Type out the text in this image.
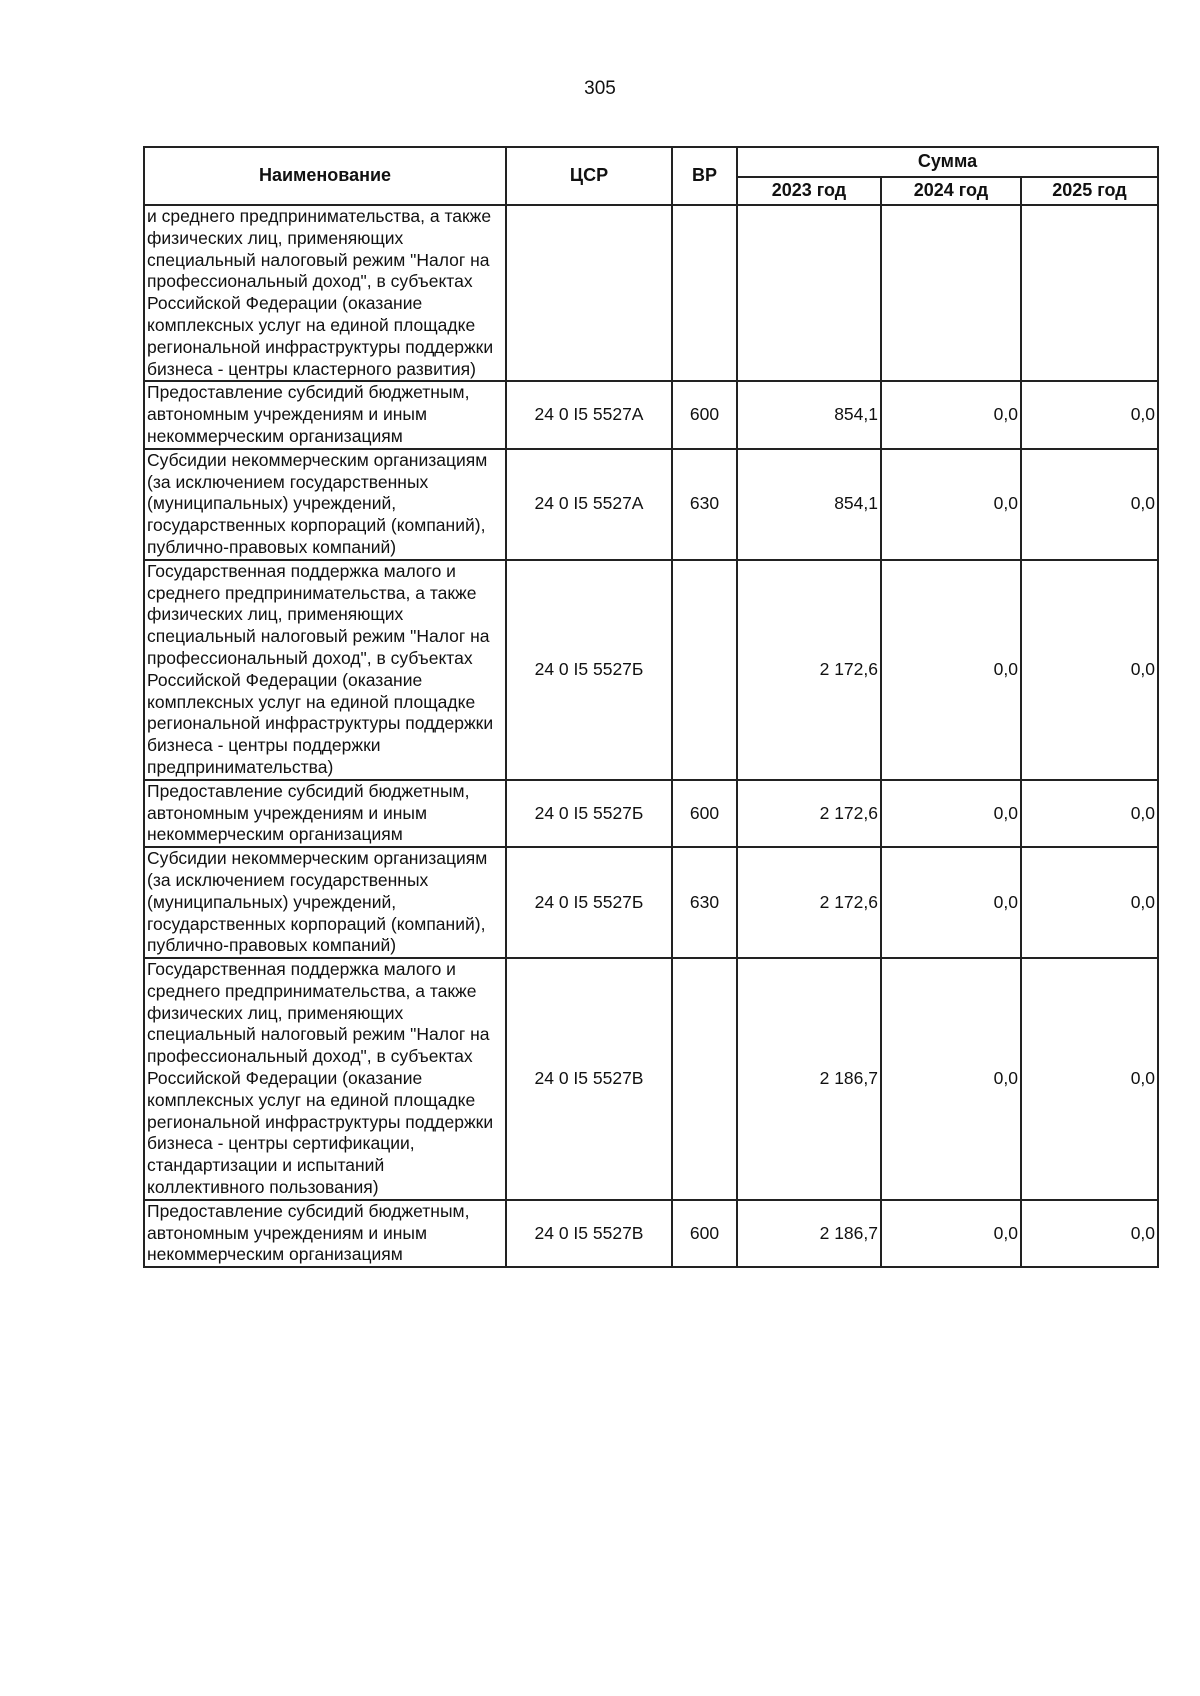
305
Наименование	ЦСР	ВР	Сумма		
			2023 год	2024 год	2025 год
и среднего предпринимательства, а также физических лиц, применяющих специальный налоговый режим "Налог на профессиональный доход", в субъектах Российской Федерации (оказание комплексных услуг на единой площадке региональной инфраструктуры поддержки бизнеса - центры кластерного развития)					
Предоставление субсидий бюджетным, автономным учреждениям и иным некоммерческим организациям	24 0 I5 5527А	600	854,1	0,0	0,0
Субсидии некоммерческим организациям (за исключением государственных (муниципальных) учреждений, государственных корпораций (компаний), публично-правовых компаний)	24 0 I5 5527А	630	854,1	0,0	0,0
Государственная поддержка малого и среднего предпринимательства, а также физических лиц, применяющих специальный налоговый режим "Налог на профессиональный доход", в субъектах Российской Федерации (оказание комплексных услуг на единой площадке региональной инфраструктуры поддержки бизнеса - центры поддержки предпринимательства)	24 0 I5 5527Б		2 172,6	0,0	0,0
Предоставление субсидий бюджетным, автономным учреждениям и иным некоммерческим организациям	24 0 I5 5527Б	600	2 172,6	0,0	0,0
Субсидии некоммерческим организациям (за исключением государственных (муниципальных) учреждений, государственных корпораций (компаний), публично-правовых компаний)	24 0 I5 5527Б	630	2 172,6	0,0	0,0
Государственная поддержка малого и среднего предпринимательства, а также физических лиц, применяющих специальный налоговый режим "Налог на профессиональный доход", в субъектах Российской Федерации (оказание комплексных услуг на единой площадке региональной инфраструктуры поддержки бизнеса - центры сертификации, стандартизации и испытаний коллективного пользования)	24 0 I5 5527В		2 186,7	0,0	0,0
Предоставление субсидий бюджетным, автономным учреждениям и иным некоммерческим организациям	24 0 I5 5527В	600	2 186,7	0,0	0,0
